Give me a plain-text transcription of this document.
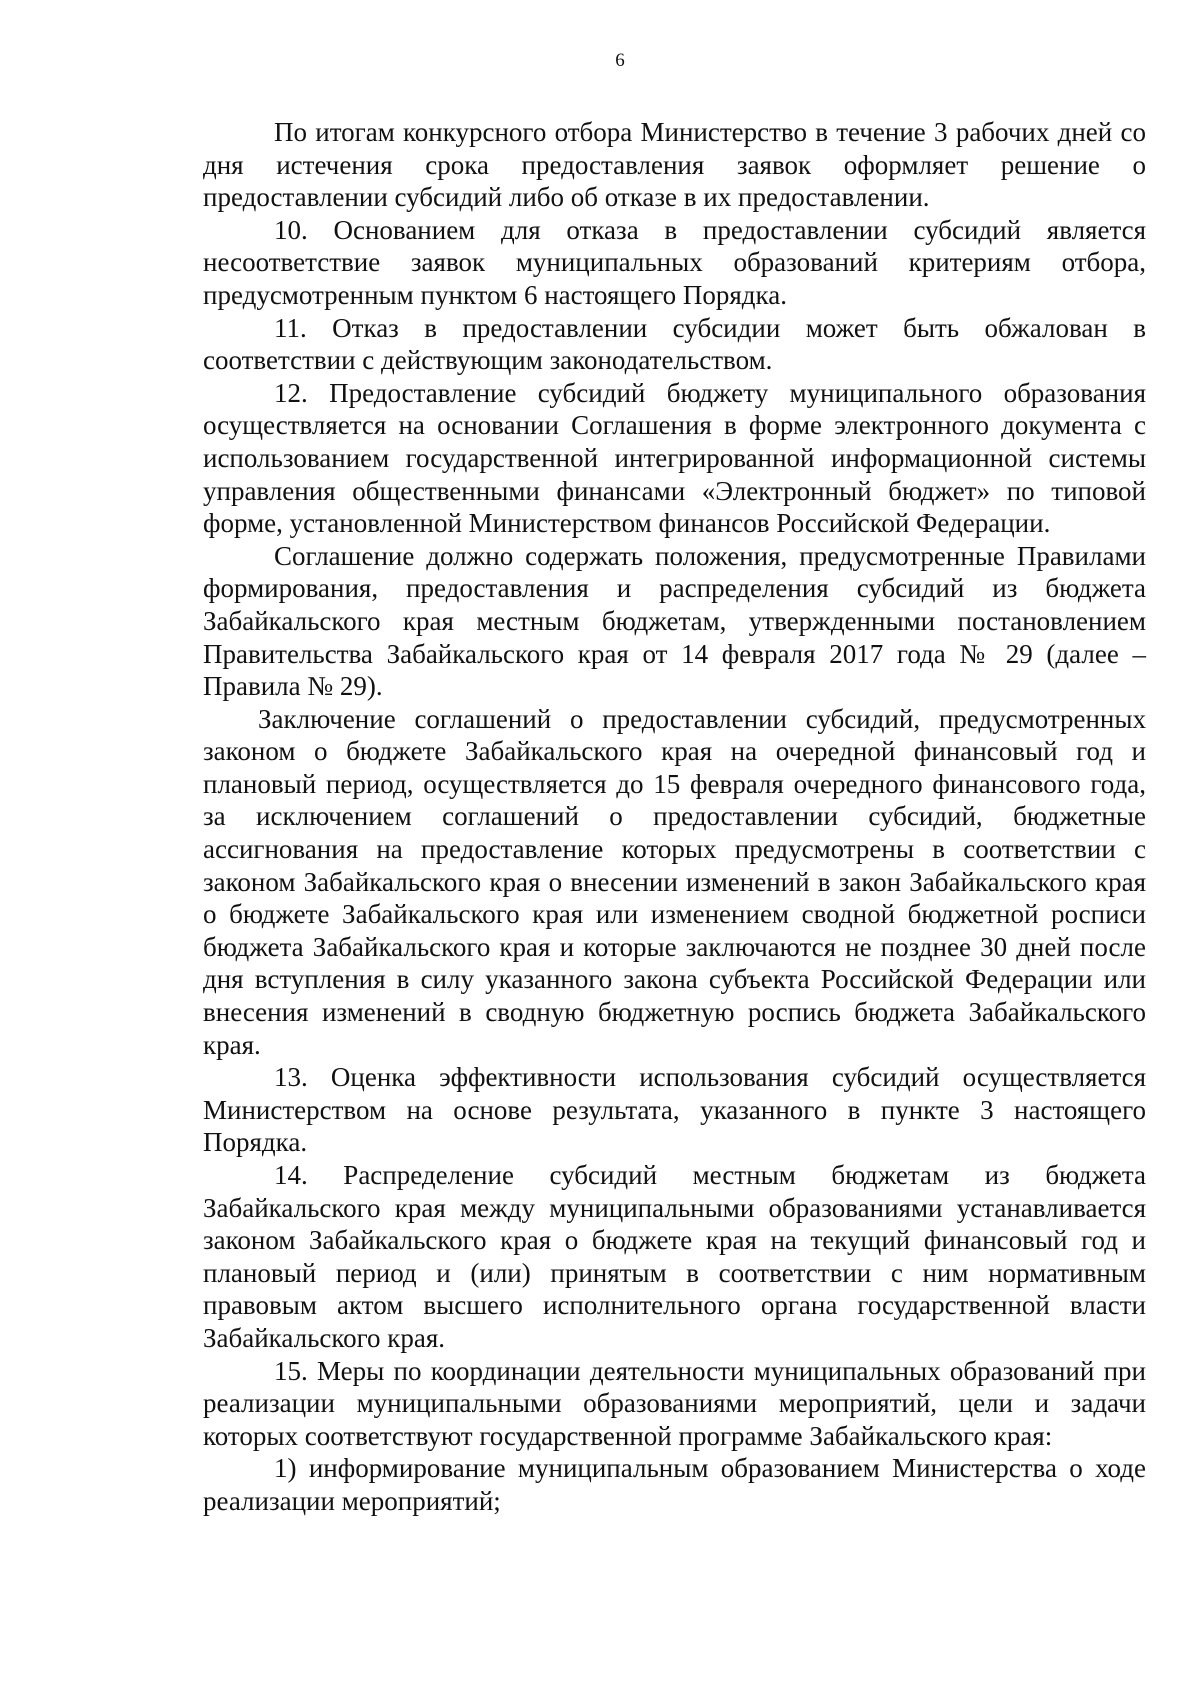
6

По итогам конкурсного отбора Министерство в течение 3 рабочих дней со дня истечения срока предоставления заявок оформляет решение о предоставлении субсидий либо об отказе в их предоставлении.

10. Основанием для отказа в предоставлении субсидий является несоответствие заявок муниципальных образований критериям отбора, предусмотренным пунктом 6 настоящего Порядка.

11. Отказ в предоставлении субсидии может быть обжалован в соответствии с действующим законодательством.

12. Предоставление субсидий бюджету муниципального образования осуществляется на основании Соглашения в форме электронного документа с использованием государственной интегрированной информационной системы управления общественными финансами «Электронный бюджет» по типовой форме, установленной Министерством финансов Российской Федерации.

Соглашение должно содержать положения, предусмотренные Правилами формирования, предоставления и распределения субсидий из бюджета Забайкальского края местным бюджетам, утвержденными постановлением Правительства Забайкальского края от 14 февраля 2017 года № 29 (далее – Правила № 29).

Заключение соглашений о предоставлении субсидий, предусмотренных законом о бюджете Забайкальского края на очередной финансовый год и плановый период, осуществляется до 15 февраля очередного финансового года, за исключением соглашений о предоставлении субсидий, бюджетные ассигнования на предоставление которых предусмотрены в соответствии с законом Забайкальского края о внесении изменений в закон Забайкальского края о бюджете Забайкальского края или изменением сводной бюджетной росписи бюджета Забайкальского края и которые заключаются не позднее 30 дней после дня вступления в силу указанного закона субъекта Российской Федерации или внесения изменений в сводную бюджетную роспись бюджета Забайкальского края.

13. Оценка эффективности использования субсидий осуществляется Министерством на основе результата, указанного в пункте 3 настоящего Порядка.

14. Распределение субсидий местным бюджетам из бюджета Забайкальского края между муниципальными образованиями устанавливается законом Забайкальского края о бюджете края на текущий финансовый год и плановый период и (или) принятым в соответствии с ним нормативным правовым актом высшего исполнительного органа государственной власти Забайкальского края.

15. Меры по координации деятельности муниципальных образований при реализации муниципальными образованиями мероприятий, цели и задачи которых соответствуют государственной программе Забайкальского края:

1) информирование муниципальным образованием Министерства о ходе реализации мероприятий;
